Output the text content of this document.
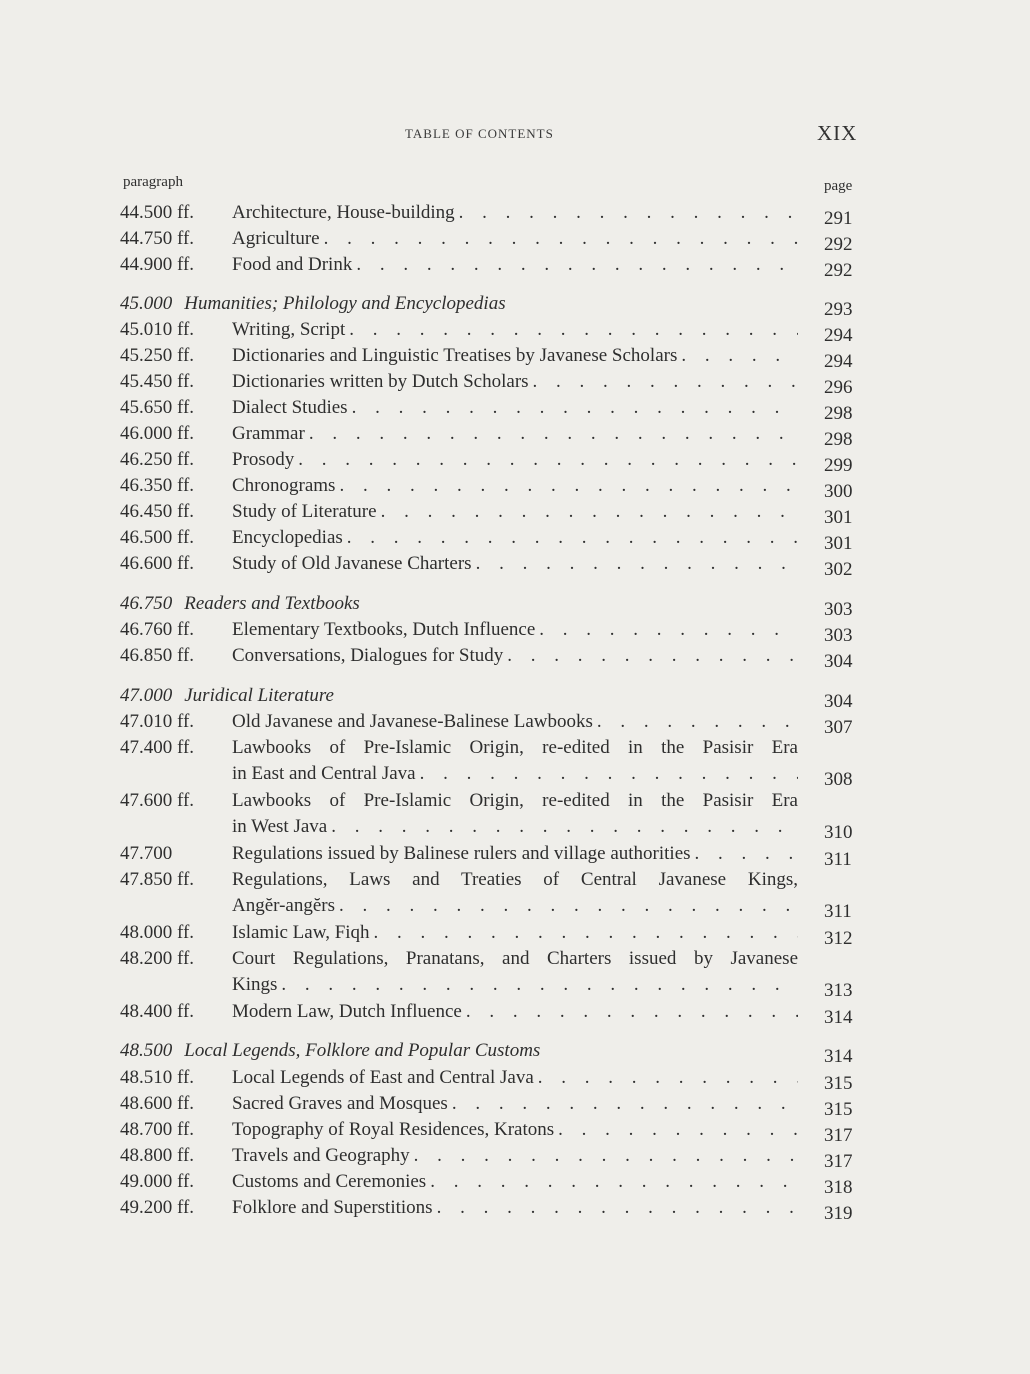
TABLE OF CONTENTS	XIX
paragraph	page
44.500 ff. Architecture, House-building . . .	291
44.750 ff. Agriculture . . .	292
44.900 ff. Food and Drink . . .	292
45.000 Humanities; Philology and Encyclopedias	293
45.010 ff. Writing, Script . . .	294
45.250 ff. Dictionaries and Linguistic Treatises by Javanese Scholars . . .	294
45.450 ff. Dictionaries written by Dutch Scholars . . .	296
45.650 ff. Dialect Studies . . .	298
46.000 ff. Grammar . . .	298
46.250 ff. Prosody . . .	299
46.350 ff. Chronograms . . .	300
46.450 ff. Study of Literature . . .	301
46.500 ff. Encyclopedias . . .	301
46.600 ff. Study of Old Javanese Charters . . .	302
46.750 Readers and Textbooks	303
46.760 ff. Elementary Textbooks, Dutch Influence . . .	303
46.850 ff. Conversations, Dialogues for Study . . .	304
47.000 Juridical Literature	304
47.010 ff. Old Javanese and Javanese-Balinese Lawbooks . . .	307
47.400 ff. Lawbooks of Pre-Islamic Origin, re-edited in the Pasisir Era
in East and Central Java . . .	308
47.600 ff. Lawbooks of Pre-Islamic Origin, re-edited in the Pasisir Era
in West Java . . .	310
47.700	Regulations issued by Balinese rulers and village authorities . . .	311
47.850 ff. Regulations, Laws and Treaties of Central Javanese Kings,
Angĕr-angĕrs . . .	311
48.000 ff. Islamic Law, Fiqh . . .	312
48.200 ff. Court Regulations, Pranatans, and Charters issued by Javanese
Kings . . .	313
48.400 ff. Modern Law, Dutch Influence . . .	314
48.500 Local Legends, Folklore and Popular Customs	314
48.510 ff. Local Legends of East and Central Java . . .	315
48.600 ff. Sacred Graves and Mosques . . .	315
48.700 ff. Topography of Royal Residences, Kratons . . .	317
48.800 ff. Travels and Geography . . .	317
49.000 ff. Customs and Ceremonies . . .	318
49.200 ff. Folklore and Superstitions . . .	319
